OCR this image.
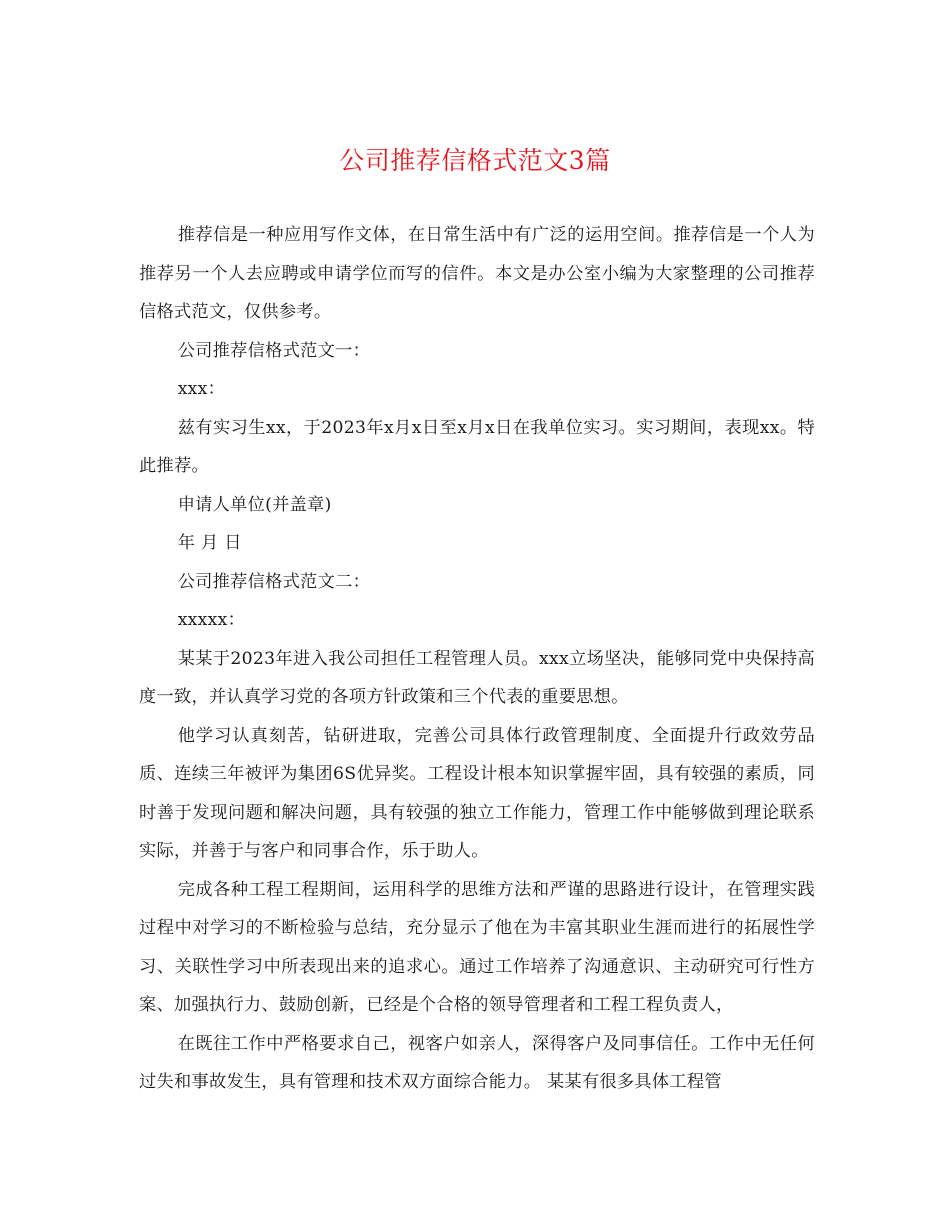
公司推荐信格式范文3篇

推荐信是一种应用写作文体，在日常生活中有广泛的运用空间。推荐信是一个人为推荐另一个人去应聘或申请学位而写的信件。本文是办公室小编为大家整理的公司推荐信格式范文，仅供参考。

公司推荐信格式范文一：

xxx：

兹有实习生xx，于2023年x月x日至x月x日在我单位实习。实习期间，表现xx。特此推荐。

申请人单位(并盖章)

年 月 日

公司推荐信格式范文二：

xxxxx：

某某于2023年进入我公司担任工程管理人员。xxx立场坚决，能够同党中央保持高度一致，并认真学习党的各项方针政策和三个代表的重要思想。

他学习认真刻苦，钻研进取，完善公司具体行政管理制度、全面提升行政效劳品质、连续三年被评为集团6S优异奖。工程设计根本知识掌握牢固，具有较强的素质，同时善于发现问题和解决问题，具有较强的独立工作能力，管理工作中能够做到理论联系实际，并善于与客户和同事合作，乐于助人。

完成各种工程工程期间，运用科学的思维方法和严谨的思路进行设计，在管理实践过程中对学习的不断检验与总结，充分显示了他在为丰富其职业生涯而进行的拓展性学习、关联性学习中所表现出来的追求心。通过工作培养了沟通意识、主动研究可行性方案、加强执行力、鼓励创新，已经是个合格的领导管理者和工程工程负责人，

在既往工作中严格要求自己，视客户如亲人，深得客户及同事信任。工作中无任何过失和事故发生，具有管理和技术双方面综合能力。 某某有很多具体工程管
